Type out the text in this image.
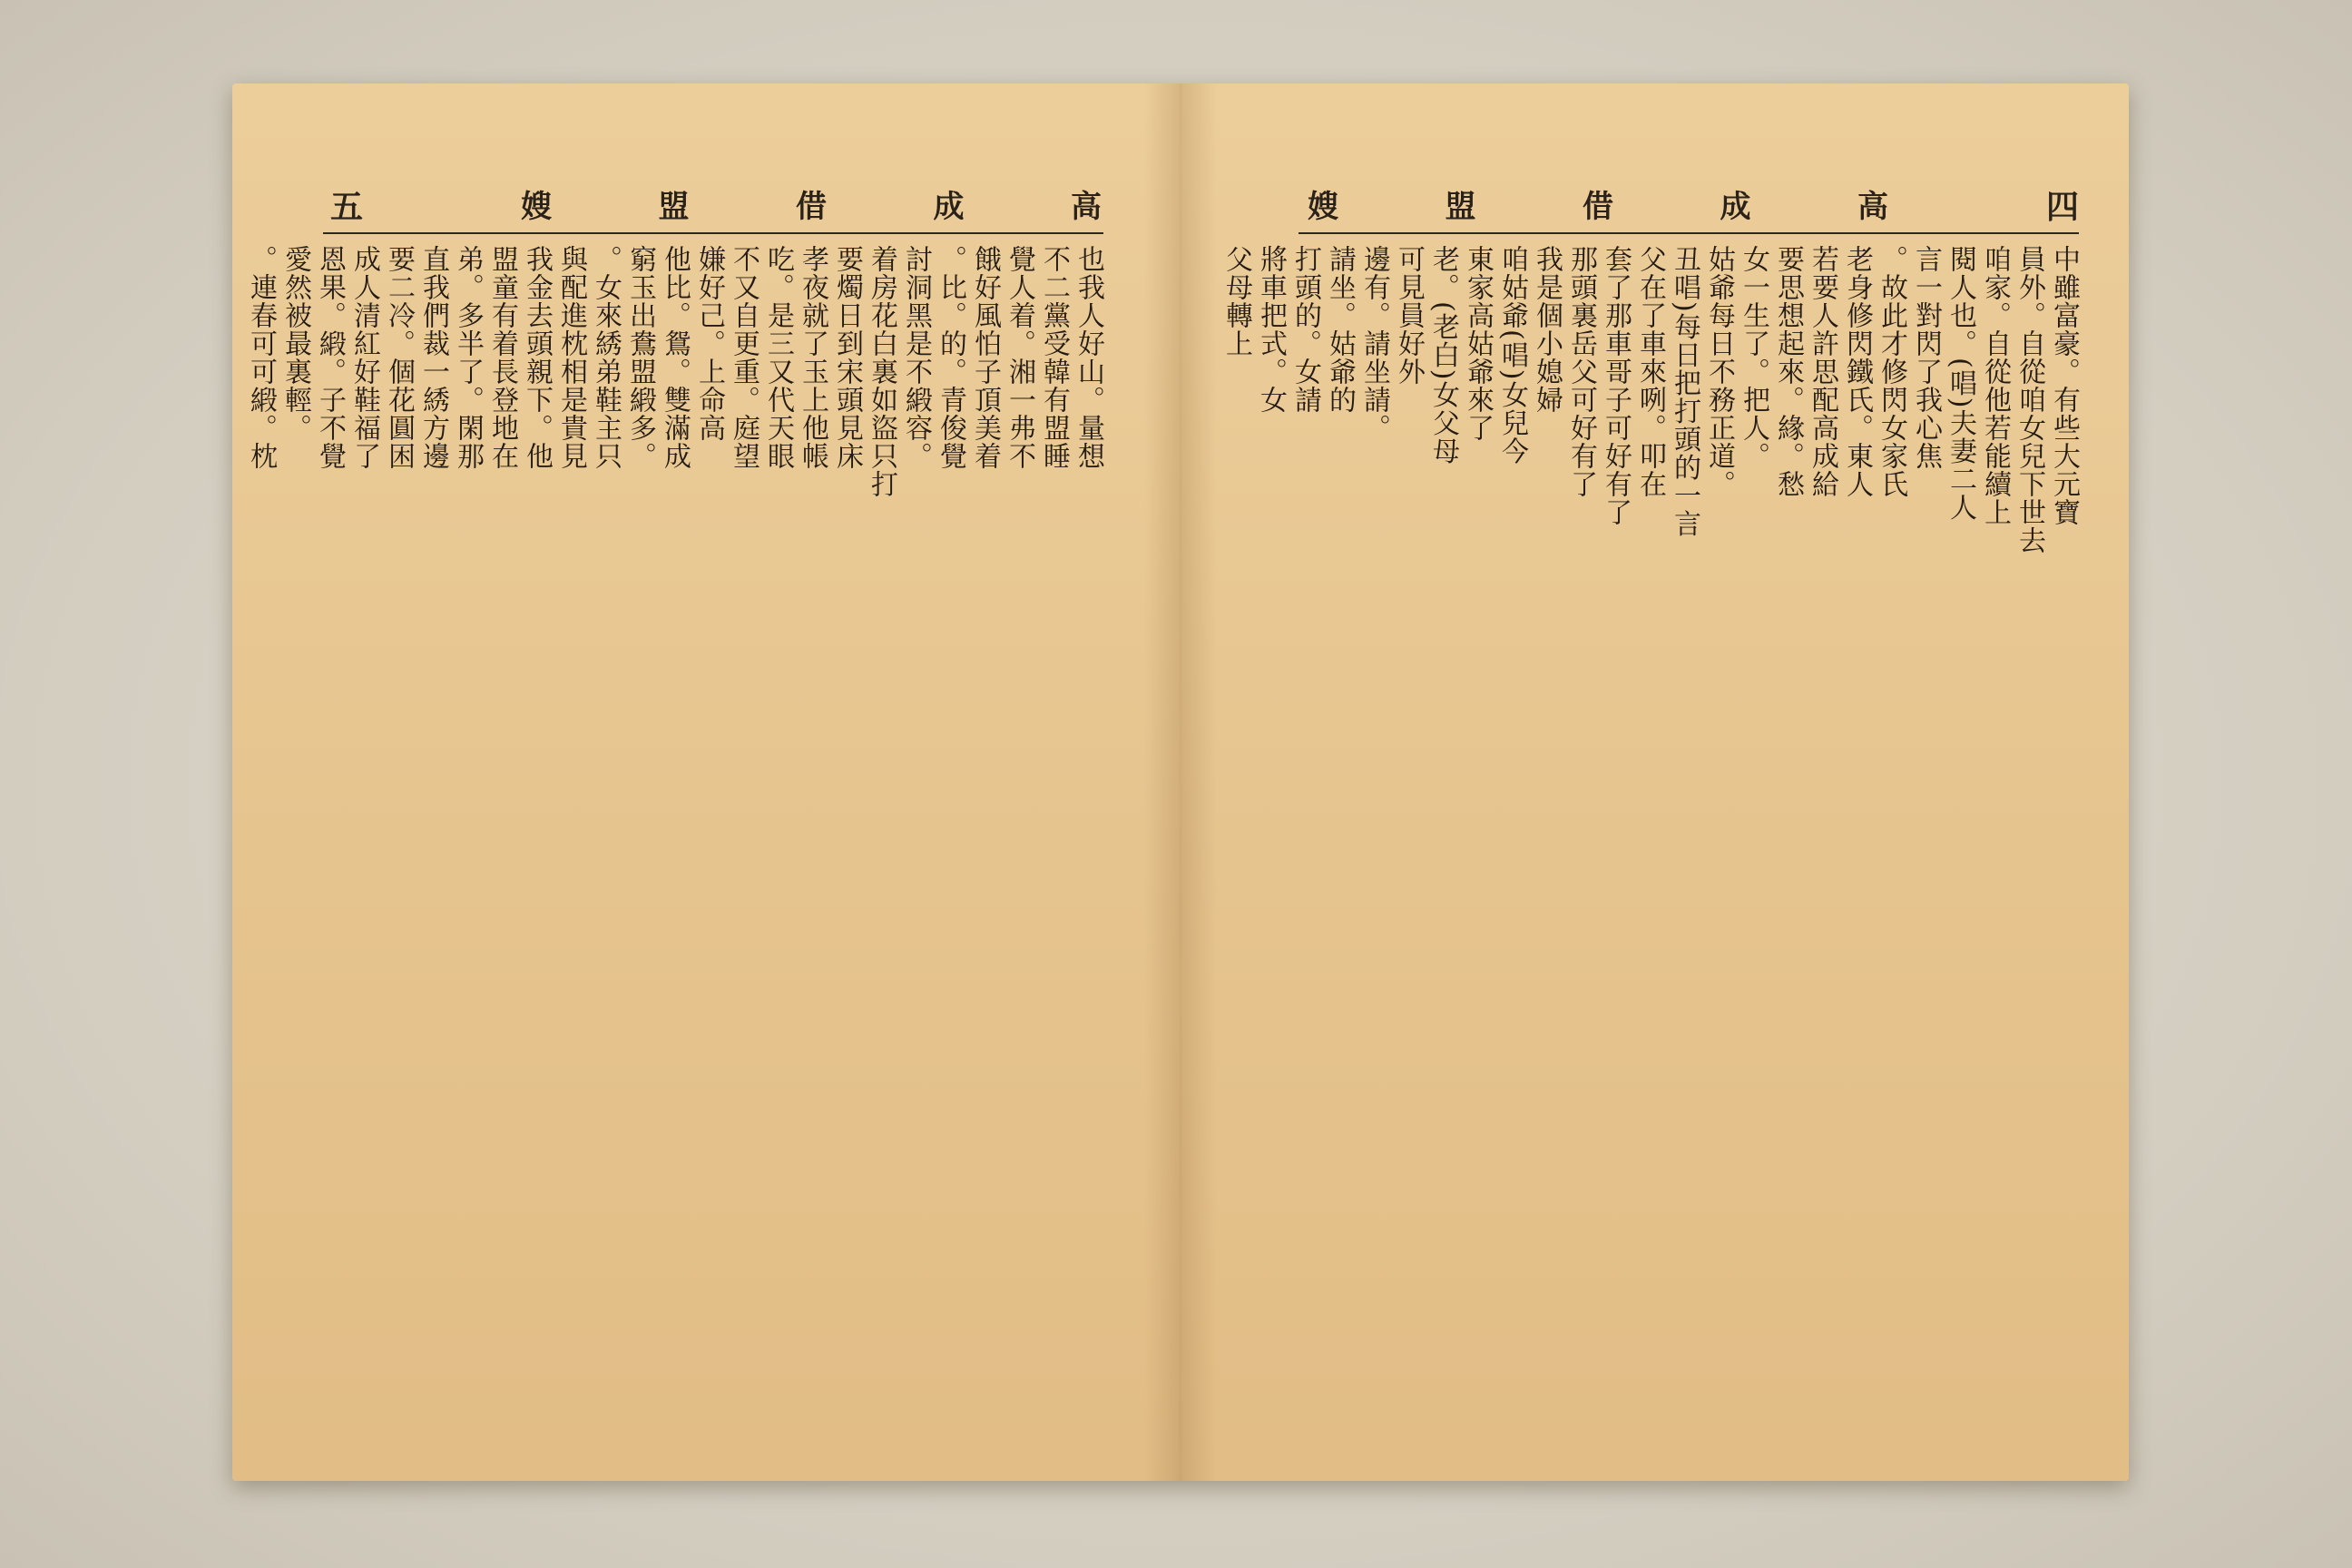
五	嫂	盟	借	成	高
也我人好山。量想
不二黨受韓有盟睡
覺人着。湘一弗不
餓好風怕子頂美着
。比。的。青俊覺
討洞黑是不緞容。
着房花白裏如盜只打
要燭日到宋頭見床
孝夜就了玉上他帳
吃。是三又代天眼
不又自更重。庭望
嫌好己。上命高
他比。鴛。雙滿成
窮玉出鴦盟緞多。
。女來綉弟鞋主只
與配進枕相是貴見
我金去頭親下。他
盟童有着長登地在
弟。多半了。閑那
直我們裁一綉方邊
要二冷。個花圓困
成人清紅好鞋福了
恩果。緞。子不覺
愛然被最裏輕。
。連春可可緞。枕
嫂	盟	借	成	高	四
中雖富豪。有些大元寶
員外。自從咱女兒下世去
咱家。自從他若能續上
閱人也。(唱)夫妻二人
言一對閃了我心焦
。故此才修閃女家氏
老身修閃鐵氏。東人
若要人許思配高成給
要思想起來。緣。愁
女一生了。把人。
姑爺每日不務正道。
丑唱)每日把打頭的一言
父在了車來咧。叩在
套了那車哥子可好有了
那頭裏岳父可好有了
我是個小媳婦
咱姑爺(唱)女兒今
東家高姑爺來了
老。(老白)女父母
可見員好外
邊有。請坐請。
請坐。姑爺的
打頭的。女請
將車把式。女
父母轉上
